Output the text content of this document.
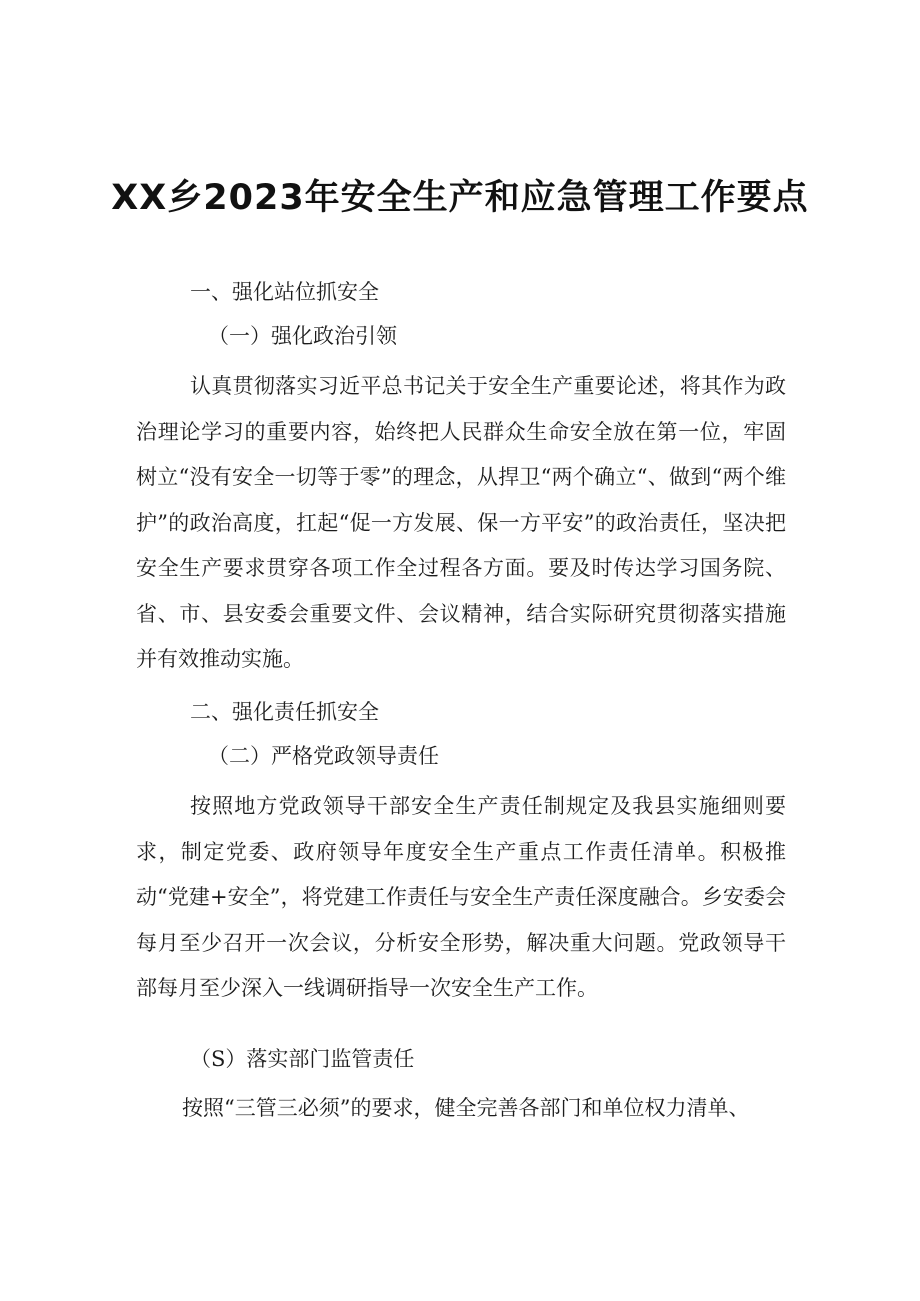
XX乡2023年安全生产和应急管理工作要点

一、强化站位抓安全

（一）强化政治引领

认真贯彻落实习近平总书记关于安全生产重要论述，将其作为政治理论学习的重要内容，始终把人民群众生命安全放在第一位，牢固树立“没有安全一切等于零”的理念，从捍卫“两个确立“、做到“两个维护”的政治高度，扛起“促一方发展、保一方平安”的政治责任，坚决把安全生产要求贯穿各项工作全过程各方面。要及时传达学习国务院、省、市、县安委会重要文件、会议精神，结合实际研究贯彻落实措施并有效推动实施。

二、强化责任抓安全

（二）严格党政领导责任

按照地方党政领导干部安全生产责任制规定及我县实施细则要求，制定党委、政府领导年度安全生产重点工作责任清单。积极推动“党建+安全”，将党建工作责任与安全生产责任深度融合。乡安委会每月至少召开一次会议，分析安全形势，解决重大问题。党政领导干部每月至少深入一线调研指导一次安全生产工作。

（S）落实部门监管责任

按照“三管三必须”的要求，健全完善各部门和单位权力清单、
